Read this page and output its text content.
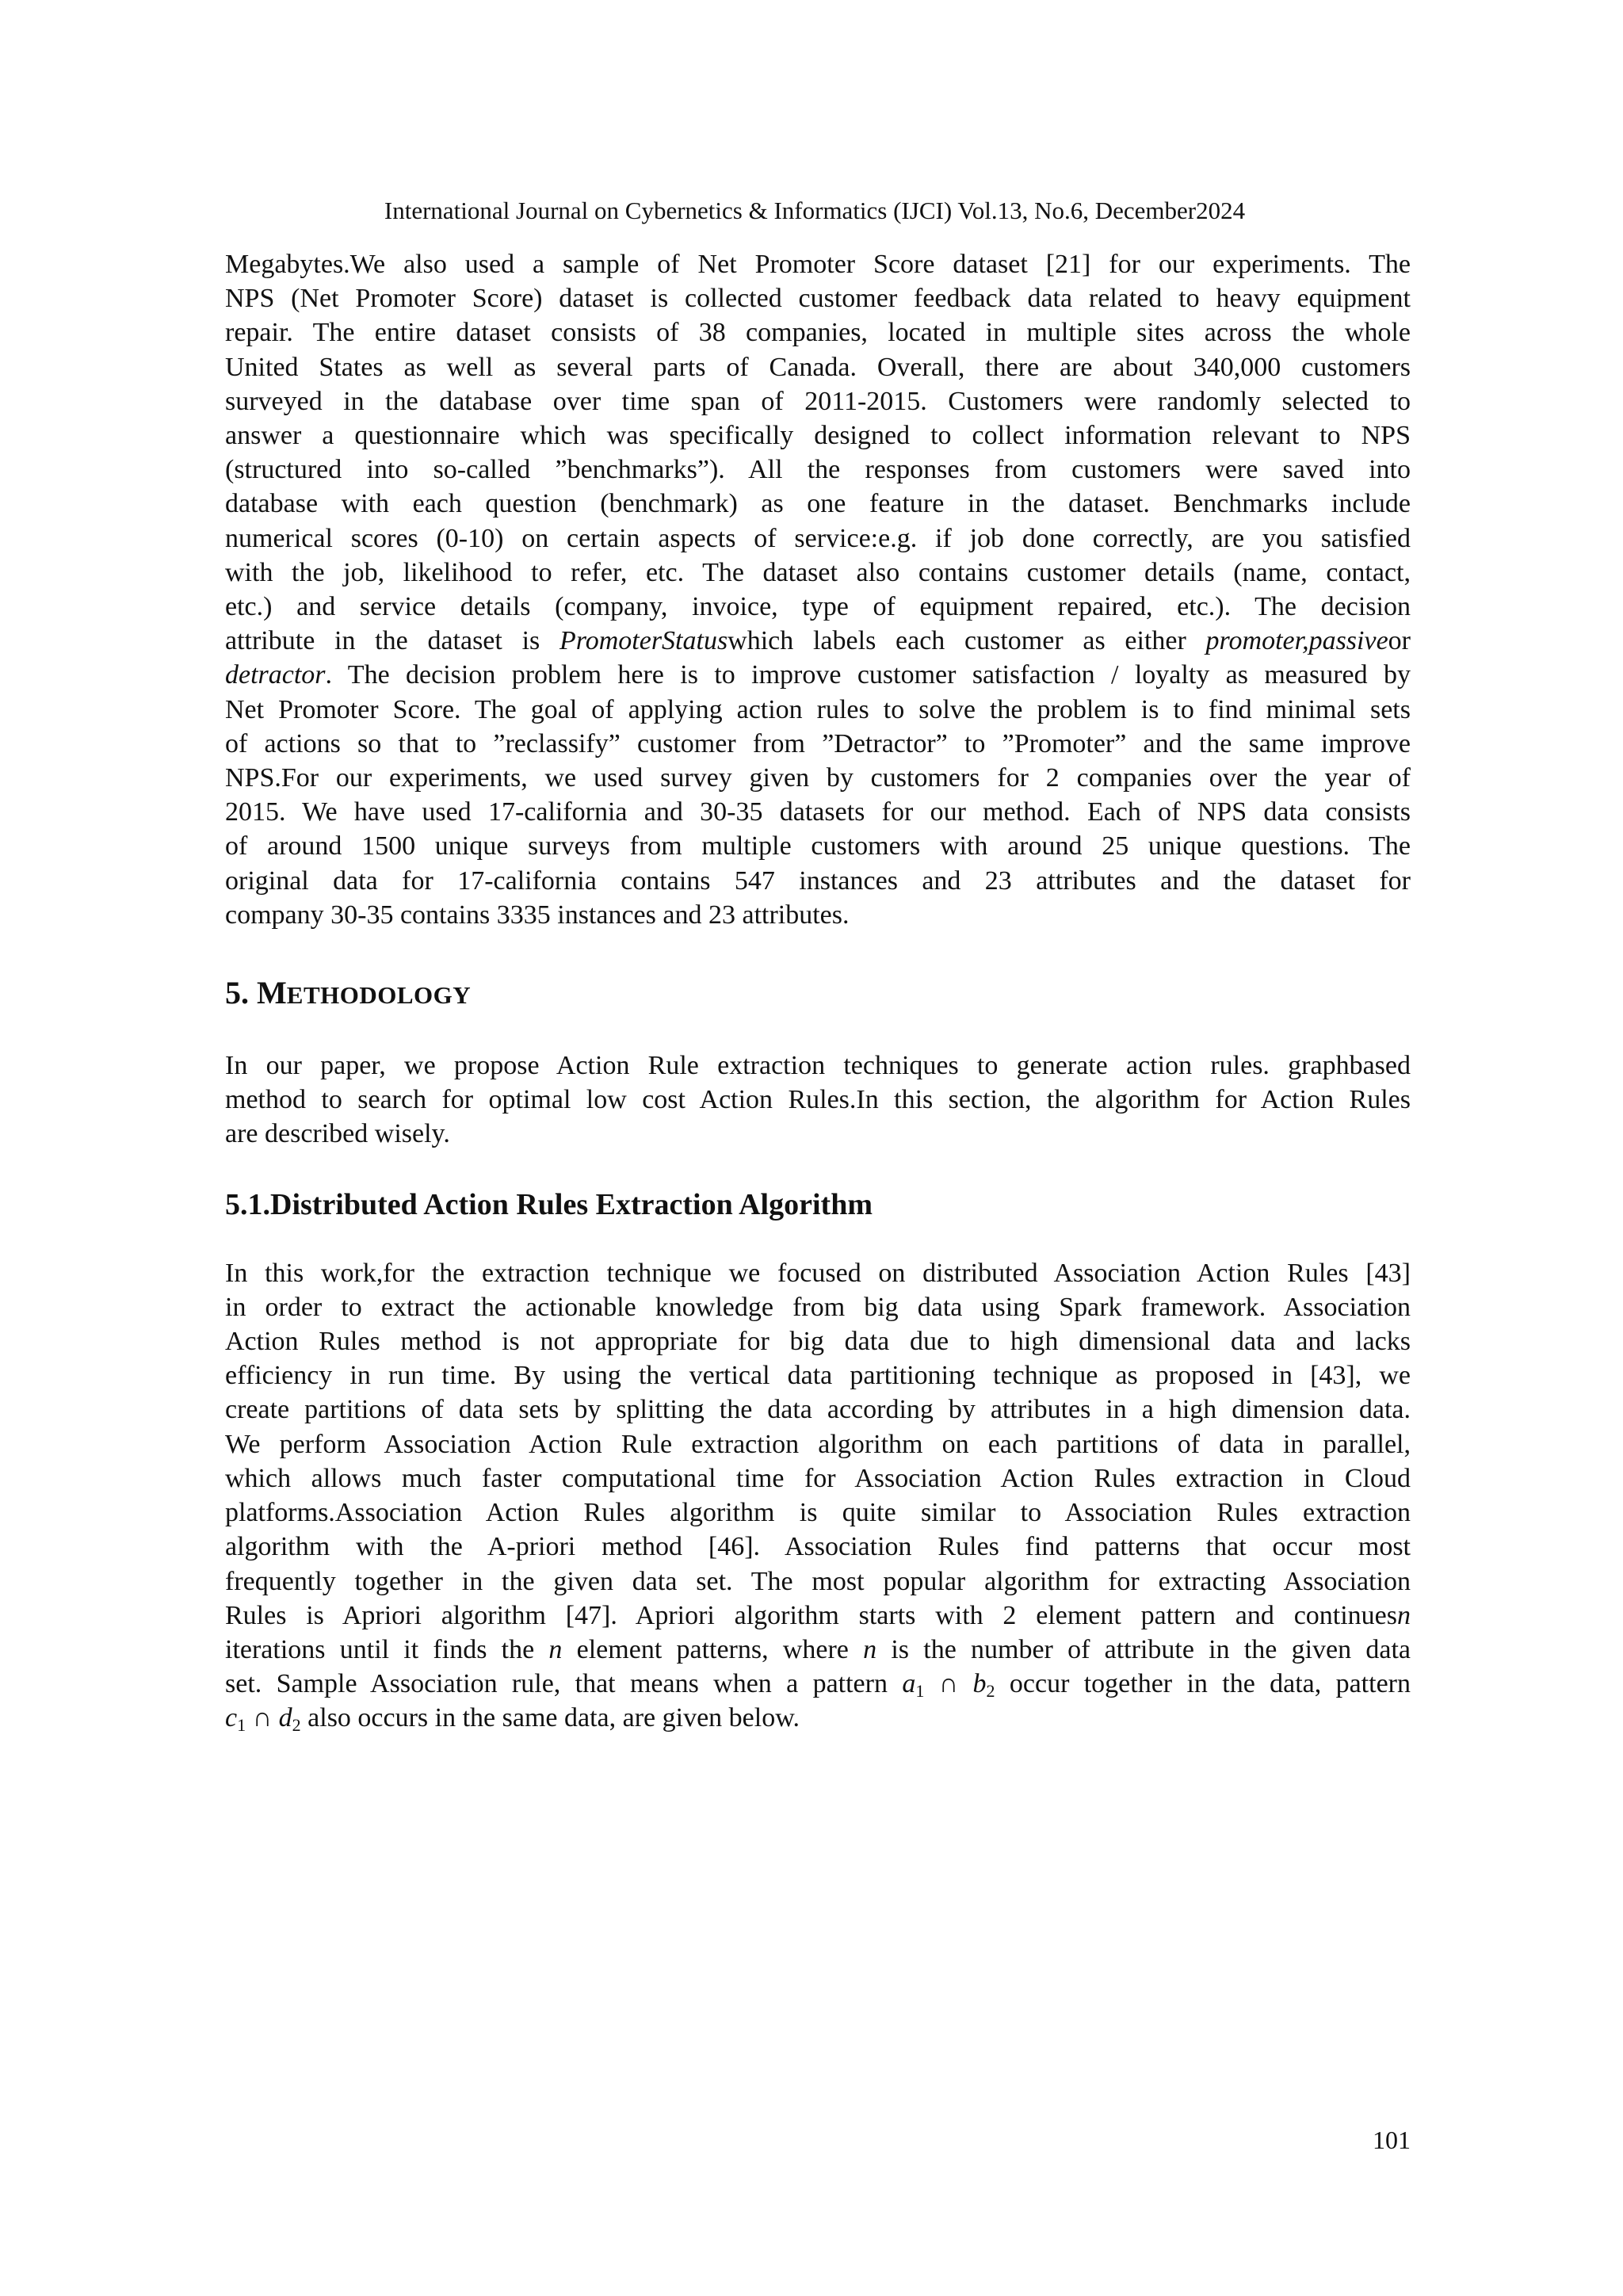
International Journal on Cybernetics & Informatics (IJCI) Vol.13, No.6, December2024

Megabytes.We also used a sample of Net Promoter Score dataset [21] for our experiments. The
NPS (Net Promoter Score) dataset is collected customer feedback data related to heavy equipment
repair. The entire dataset consists of 38 companies, located in multiple sites across the whole
United States as well as several parts of Canada. Overall, there are about 340,000 customers
surveyed in the database over time span of 2011-2015. Customers were randomly selected to
answer a questionnaire which was specifically designed to collect information relevant to NPS
(structured into so-called ”benchmarks”). All the responses from customers were saved into
database with each question (benchmark) as one feature in the dataset. Benchmarks include
numerical scores (0-10) on certain aspects of service:e.g. if job done correctly, are you satisfied
with the job, likelihood to refer, etc. The dataset also contains customer details (name, contact,
etc.) and service details (company, invoice, type of equipment repaired, etc.). The decision
attribute in the dataset is PromoterStatuswhich labels each customer as either promoter,passiveor
detractor. The decision problem here is to improve customer satisfaction / loyalty as measured by
Net Promoter Score. The goal of applying action rules to solve the problem is to find minimal sets
of actions so that to ”reclassify” customer from ”Detractor” to ”Promoter” and the same improve
NPS.For our experiments, we used survey given by customers for 2 companies over the year of
2015. We have used 17-california and 30-35 datasets for our method. Each of NPS data consists
of around 1500 unique surveys from multiple customers with around 25 unique questions. The
original data for 17-california contains 547 instances and 23 attributes and the dataset for
company 30-35 contains 3335 instances and 23 attributes.

5. METHODOLOGY

In our paper, we propose Action Rule extraction techniques to generate action rules. graphbased
method to search for optimal low cost Action Rules.In this section, the algorithm for Action Rules
are described wisely.

5.1.Distributed Action Rules Extraction Algorithm

In this work,for the extraction technique we focused on distributed Association Action Rules [43]
in order to extract the actionable knowledge from big data using Spark framework. Association
Action Rules method is not appropriate for big data due to high dimensional data and lacks
efficiency in run time. By using the vertical data partitioning technique as proposed in [43], we
create partitions of data sets by splitting the data according by attributes in a high dimension data.
We perform Association Action Rule extraction algorithm on each partitions of data in parallel,
which allows much faster computational time for Association Action Rules extraction in Cloud
platforms.Association Action Rules algorithm is quite similar to Association Rules extraction
algorithm with the A-priori method [46]. Association Rules find patterns that occur most
frequently together in the given data set. The most popular algorithm for extracting Association
Rules is Apriori algorithm [47]. Apriori algorithm starts with 2 element pattern and continuesn
iterations until it finds the n element patterns, where n is the number of attribute in the given data
set. Sample Association rule, that means when a pattern $a_1$ ∩ $b_2$ occur together in the data, pattern
$c_1$ ∩ $d_2$ also occurs in the same data, are given below.

101
